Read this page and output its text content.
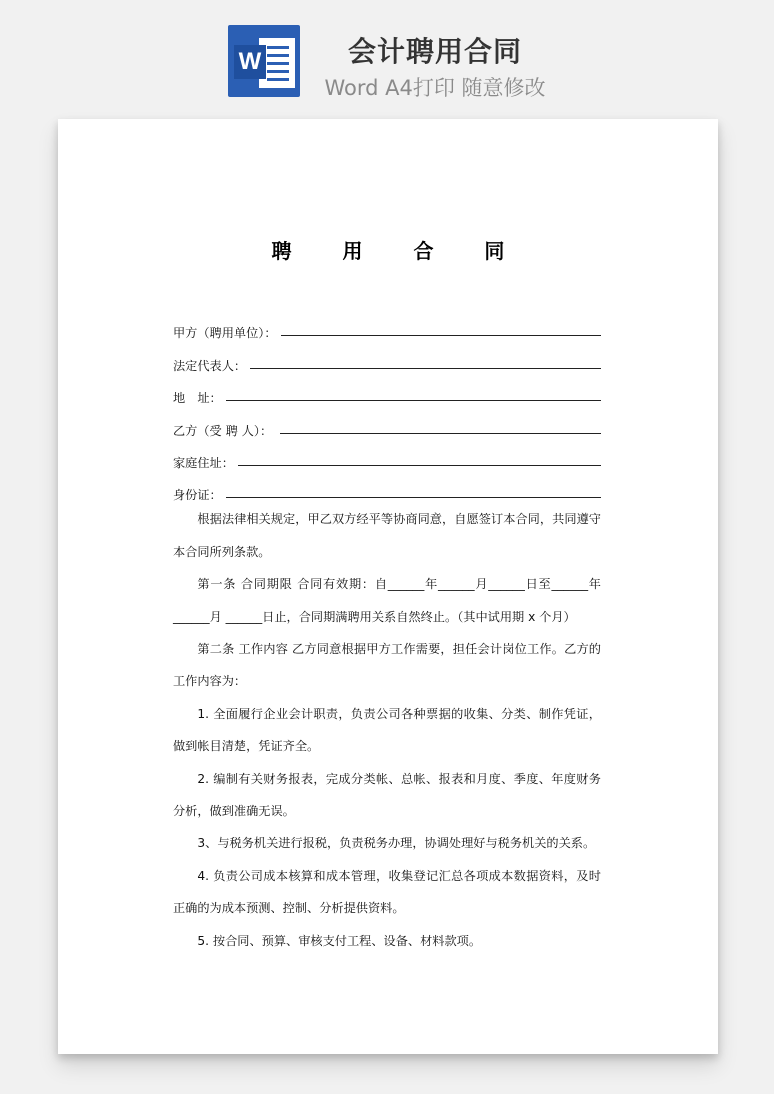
W	会计聘用合同
Word A4打印 随意修改
聘 用 合 同
甲方（聘用单位）：
法定代表人：
地　址：
乙方（受 聘 人）：
家庭住址：
身份证：
根据法律相关规定，甲乙双方经平等协商同意，自愿签订本合同，共同遵守本合同所列条款。
第一条 合同期限 合同有效期：自______年______月______日至______年______月 ______日止，合同期满聘用关系自然终止。（其中试用期 x 个月）
第二条 工作内容 乙方同意根据甲方工作需要，担任会计岗位工作。乙方的工作内容为：
1. 全面履行企业会计职责，负责公司各种票据的收集、分类、制作凭证，做到帐目清楚，凭证齐全。
2. 编制有关财务报表，完成分类帐、总帐、报表和月度、季度、年度财务分析，做到准确无误。
3、与税务机关进行报税，负责税务办理，协调处理好与税务机关的关系。
4. 负责公司成本核算和成本管理，收集登记汇总各项成本数据资料，及时正确的为成本预测、控制、分析提供资料。
5. 按合同、预算、审核支付工程、设备、材料款项。
